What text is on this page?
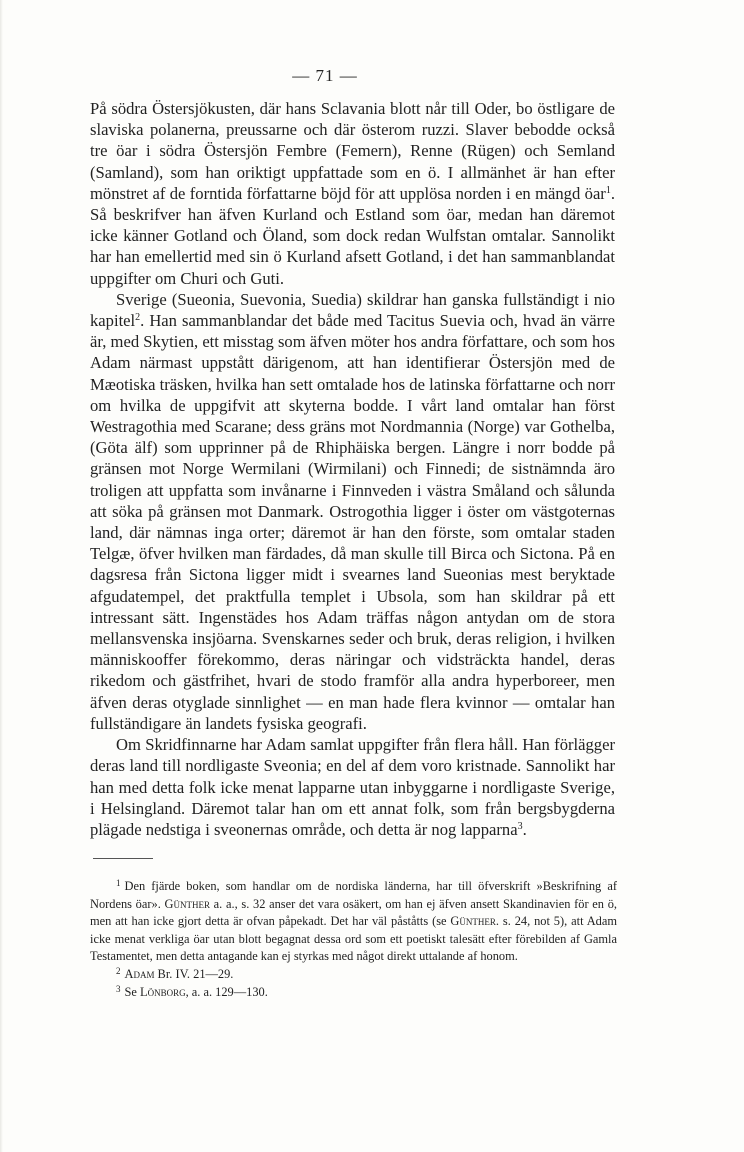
— 71 —

På södra Östersjökusten, där hans Sclavania blott når till Oder, bo östligare de slaviska polanerna, preussarne och där österom ruzzi. Slaver bebodde också tre öar i södra Östersjön Fembre (Femern), Renne (Rügen) och Semland (Samland), som han oriktigt uppfattade som en ö. I allmänhet är han efter mönstret af de forntida författarne böjd för att upplösa norden i en mängd öar$^1$. Så beskrifver han äfven Kurland och Estland som öar, medan han däremot icke känner Gotland och Öland, som dock redan Wulfstan omtalar. Sannolikt har han emellertid med sin ö Kurland afsett Gotland, i det han sammanblandat uppgifter om Churi och Guti.

Sverige (Sueonia, Suevonia, Suedia) skildrar han ganska fullständigt i nio kapitel$^2$. Han sammanblandar det både med Tacitus Suevia och, hvad än värre är, med Skytien, ett misstag som äfven möter hos andra författare, och som hos Adam närmast uppstått därigenom, att han identifierar Östersjön med de Mæotiska träsken, hvilka han sett omtalade hos de latinska författarne och norr om hvilka de uppgifvit att skyterna bodde. I vårt land omtalar han först Westragothia med Scarane; dess gräns mot Nordmannia (Norge) var Gothelba, (Göta älf) som upprinner på de Rhiphäiska bergen. Längre i norr bodde på gränsen mot Norge Wermilani (Wirmilani) och Finnedi; de sistnämnda äro troligen att uppfatta som invånarne i Finnveden i västra Småland och sålunda att söka på gränsen mot Danmark. Ostrogothia ligger i öster om västgoternas land, där nämnas inga orter; däremot är han den förste, som omtalar staden Telgæ, öfver hvilken man färdades, då man skulle till Birca och Sictona. På en dagsresa från Sictona ligger midt i svearnes land Sueonias mest beryktade afgudatempel, det praktfulla templet i Ubsola, som han skildrar på ett intressant sätt. Ingenstädes hos Adam träffas någon antydan om de stora mellansvenska insjöarna. Svenskarnes seder och bruk, deras religion, i hvilken människooffer förekommo, deras näringar och vidsträckta handel, deras rikedom och gästfrihet, hvari de stodo framför alla andra hyperboreer, men äfven deras otyglade sinnlighet — en man hade flera kvinnor — omtalar han fullständigare än landets fysiska geografi.

Om Skridfinnarne har Adam samlat uppgifter från flera håll. Han förlägger deras land till nordligaste Sveonia; en del af dem voro kristnade. Sannolikt har han med detta folk icke menat lapparne utan inbyggarne i nordligaste Sverige, i Helsingland. Däremot talar han om ett annat folk, som från bergsbygderna plägade nedstiga i sveonernas område, och detta är nog lapparna$^3$.

$^1$ Den fjärde boken, som handlar om de nordiska länderna, har till öfverskrift »Beskrifning af Nordens öar». Günther a. a., s. 32 anser det vara osäkert, om han ej äfven ansett Skandinavien för en ö, men att han icke gjort detta är ofvan påpekadt. Det har väl påståtts (se Günther. s. 24, not 5), att Adam icke menat verkliga öar utan blott begagnat dessa ord som ett poetiskt talesätt efter förebilden af Gamla Testamentet, men detta antagande kan ej styrkas med något direkt uttalande af honom.

$^2$ Adam Br. IV. 21—29.

$^3$ Se Lönborg, a. a. 129—130.
